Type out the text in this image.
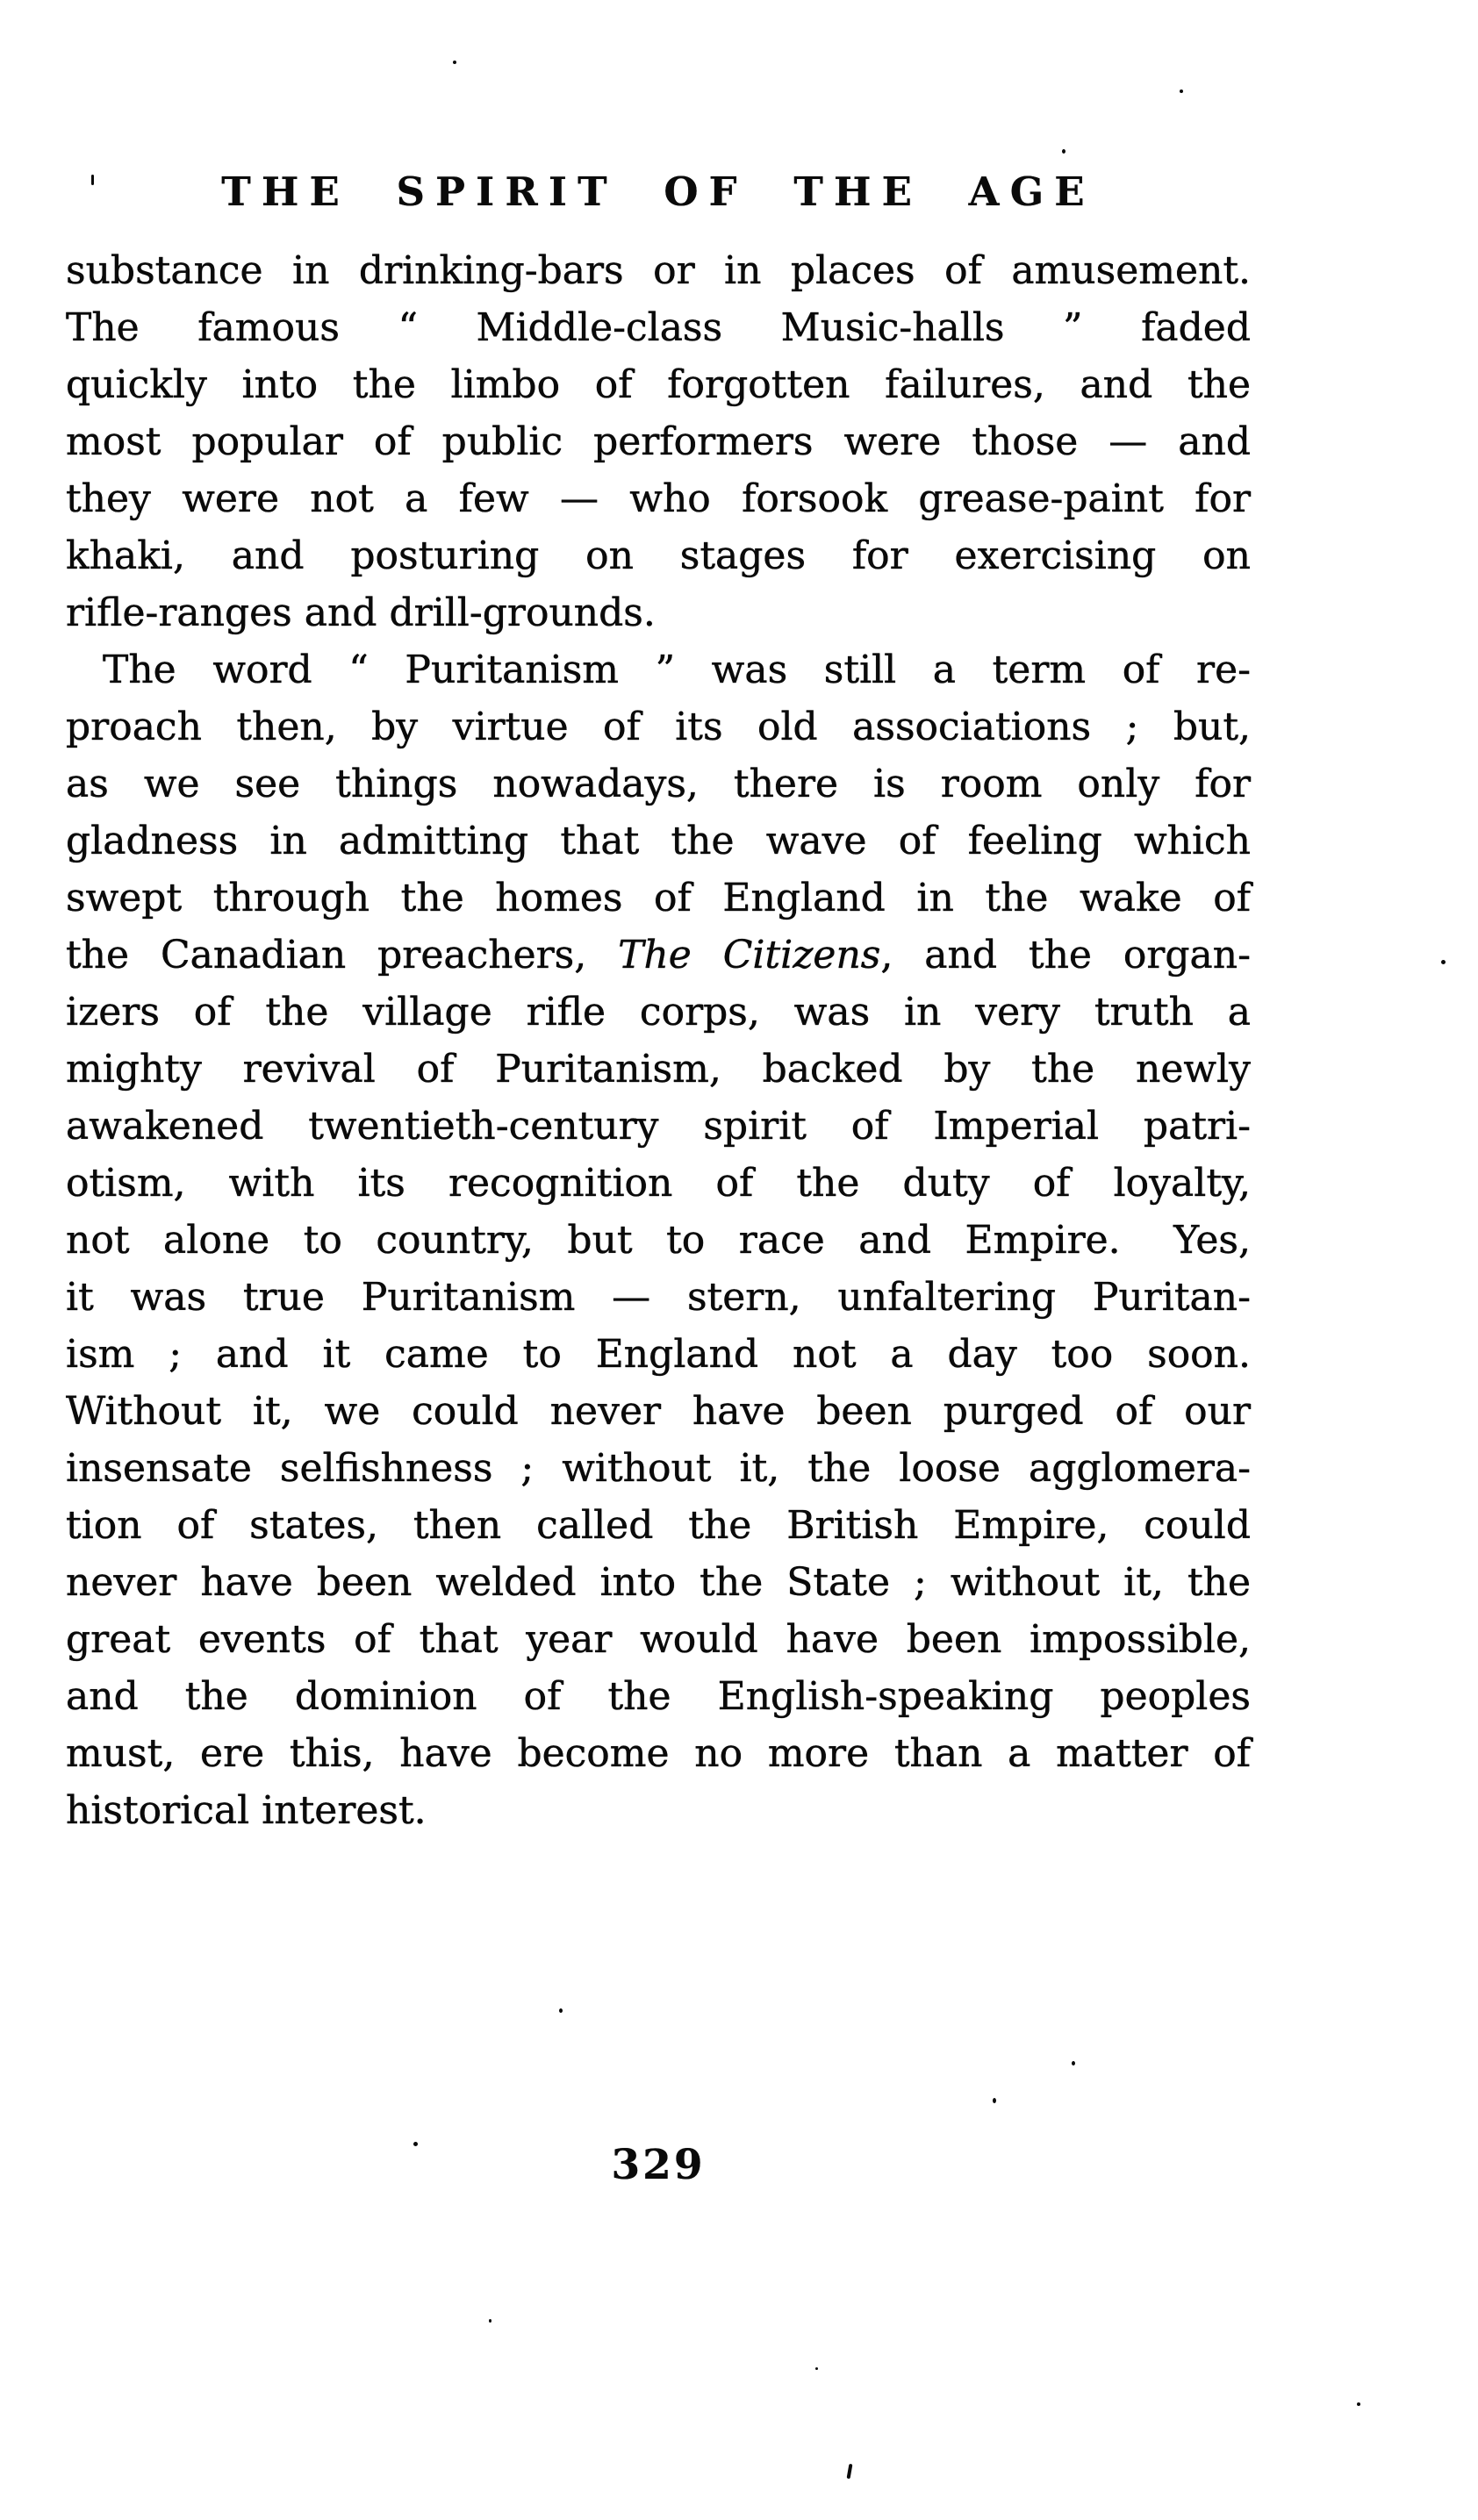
THE SPIRIT OF THE AGE
substance in drinking-bars or in places of amusement.
The famous “ Middle-class Music-halls ” faded
quickly into the limbo of forgotten failures, and the
most popular of public performers were those — and
they were not a few — who forsook grease-paint for
khaki, and posturing on stages for exercising on
rifle-ranges and drill-grounds.
The word “ Puritanism ” was still a term of re-
proach then, by virtue of its old associations ; but,
as we see things nowadays, there is room only for
gladness in admitting that the wave of feeling which
swept through the homes of England in the wake of
the Canadian preachers, The Citizens, and the organ-
izers of the village rifle corps, was in very truth a
mighty revival of Puritanism, backed by the newly
awakened twentieth-century spirit of Imperial patri-
otism, with its recognition of the duty of loyalty,
not alone to country, but to race and Empire.  Yes,
it was true Puritanism — stern, unfaltering Puritan-
ism ; and it came to England not a day too soon.
Without it, we could never have been purged of our
insensate selfishness ; without it, the loose agglomera-
tion of states, then called the British Empire, could
never have been welded into the State ; without it, the
great events of that year would have been impossible,
and the dominion of the English-speaking peoples
must, ere this, have become no more than a matter of
historical interest.
329
